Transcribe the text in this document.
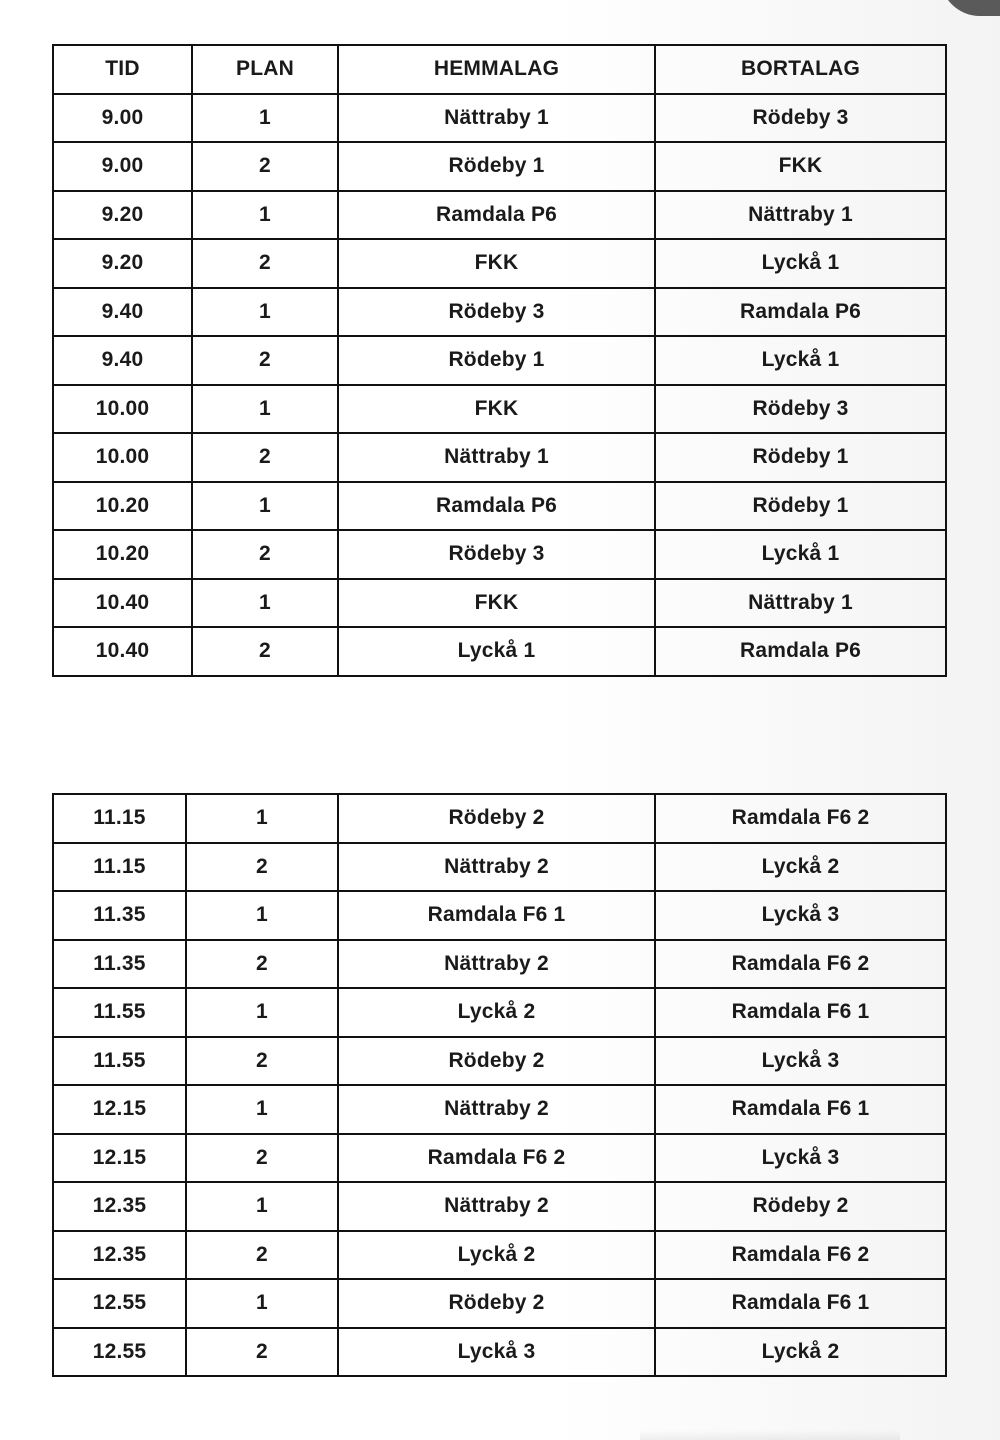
TID	PLAN	HEMMALAG	BORTALAG
9.00	1	Nättraby 1	Rödeby 3
9.00	2	Rödeby 1	FKK
9.20	1	Ramdala P6	Nättraby 1
9.20	2	FKK	Lyckå 1
9.40	1	Rödeby 3	Ramdala P6
9.40	2	Rödeby 1	Lyckå 1
10.00	1	FKK	Rödeby 3
10.00	2	Nättraby 1	Rödeby 1
10.20	1	Ramdala P6	Rödeby 1
10.20	2	Rödeby 3	Lyckå 1
10.40	1	FKK	Nättraby 1
10.40	2	Lyckå 1	Ramdala P6
11.15	1	Rödeby 2	Ramdala F6 2
11.15	2	Nättraby 2	Lyckå 2
11.35	1	Ramdala F6 1	Lyckå 3
11.35	2	Nättraby 2	Ramdala F6 2
11.55	1	Lyckå 2	Ramdala F6 1
11.55	2	Rödeby 2	Lyckå 3
12.15	1	Nättraby 2	Ramdala F6 1
12.15	2	Ramdala F6 2	Lyckå 3
12.35	1	Nättraby 2	Rödeby 2
12.35	2	Lyckå 2	Ramdala F6 2
12.55	1	Rödeby 2	Ramdala F6 1
12.55	2	Lyckå 3	Lyckå 2
